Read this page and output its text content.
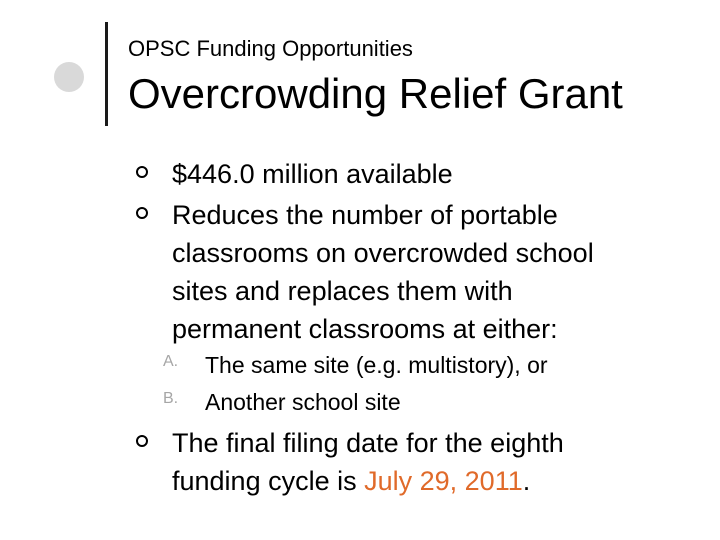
OPSC Funding Opportunities
Overcrowding Relief Grant
$446.0 million available
Reduces the number of portable
classrooms on overcrowded school
sites and replaces them with
permanent classrooms at either:
A. The same site (e.g. multistory), or
B. Another school site
The final filing date for the eighth
funding cycle is July 29, 2011.
